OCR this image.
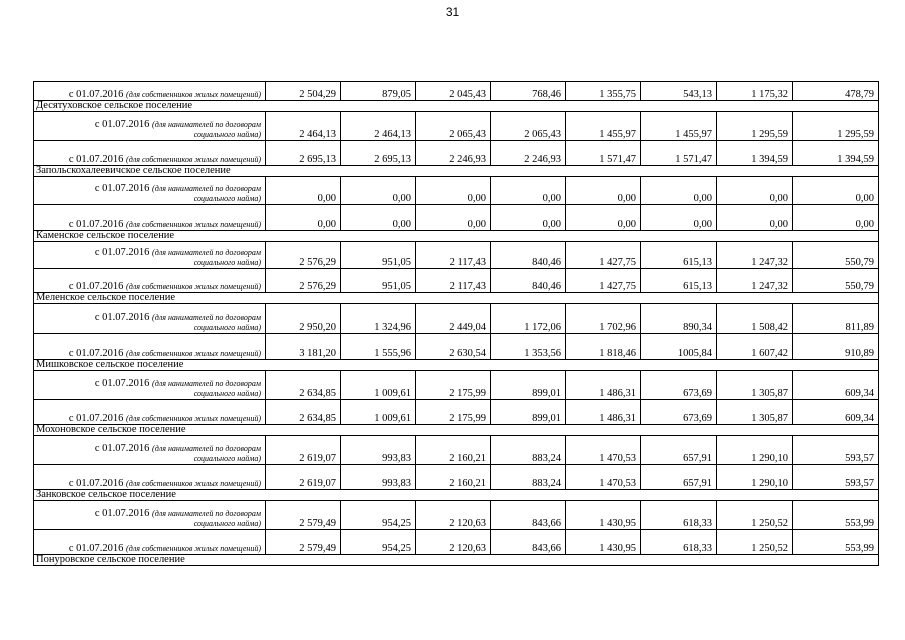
31
с 01.07.2016 (для собственников жилых помещений)	2 504,29	879,05	2 045,43	768,46	1 355,75	543,13	1 175,32	478,79
Десятуховское сельское поселение								

с 01.07.2016 (для нанимателей по договорам
социального найма)	2 464,13	2 464,13	2 065,43	2 065,43	1 455,97	1 455,97	1 295,59	1 295,59
с 01.07.2016 (для собственников жилых помещений)	2 695,13	2 695,13	2 246,93	2 246,93	1 571,47	1 571,47	1 394,59	1 394,59
Запольскохалеевичское сельское поселение								

с 01.07.2016 (для нанимателей по договорам
социального найма)	0,00	0,00	0,00	0,00	0,00	0,00	0,00	0,00
с 01.07.2016 (для собственников жилых помещений)	0,00	0,00	0,00	0,00	0,00	0,00	0,00	0,00
Каменское сельское поселение								

с 01.07.2016 (для нанимателей по договорам
социального найма)	2 576,29	951,05	2 117,43	840,46	1 427,75	615,13	1 247,32	550,79
с 01.07.2016 (для собственников жилых помещений)	2 576,29	951,05	2 117,43	840,46	1 427,75	615,13	1 247,32	550,79
Меленское сельское поселение								

с 01.07.2016 (для нанимателей по договорам
социального найма)	2 950,20	1 324,96	2 449,04	1 172,06	1 702,96	890,34	1 508,42	811,89
с 01.07.2016 (для собственников жилых помещений)	3 181,20	1 555,96	2 630,54	1 353,56	1 818,46	1005,84	1 607,42	910,89
Мишковское сельское поселение								

с 01.07.2016 (для нанимателей по договорам
социального найма)	2 634,85	1 009,61	2 175,99	899,01	1 486,31	673,69	1 305,87	609,34
с 01.07.2016 (для собственников жилых помещений)	2 634,85	1 009,61	2 175,99	899,01	1 486,31	673,69	1 305,87	609,34
Мохоновское сельское поселение								

с 01.07.2016 (для нанимателей по договорам
социального найма)	2 619,07	993,83	2 160,21	883,24	1 470,53	657,91	1 290,10	593,57
с 01.07.2016 (для собственников жилых помещений)	2 619,07	993,83	2 160,21	883,24	1 470,53	657,91	1 290,10	593,57
Занковское сельское поселение								

с 01.07.2016 (для нанимателей по договорам
социального найма)	2 579,49	954,25	2 120,63	843,66	1 430,95	618,33	1 250,52	553,99
с 01.07.2016 (для собственников жилых помещений)	2 579,49	954,25	2 120,63	843,66	1 430,95	618,33	1 250,52	553,99
Понуровское сельское поселение								
